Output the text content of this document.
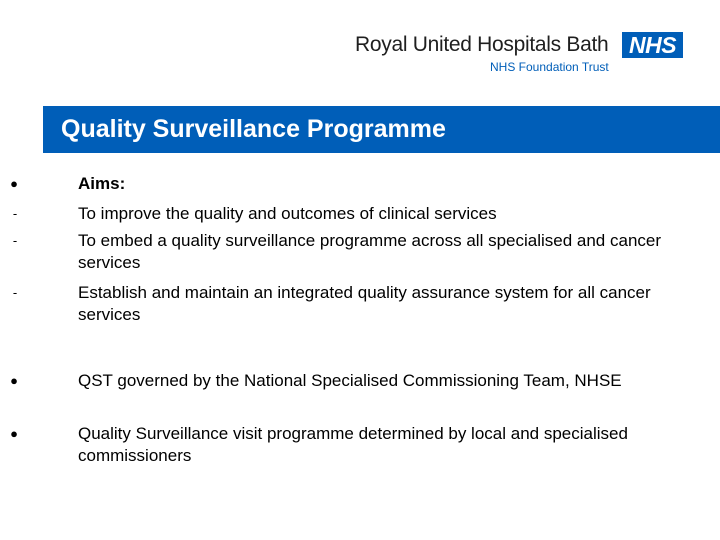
Royal United Hospitals Bath NHS
NHS Foundation Trust
Quality Surveillance Programme
●	Aims:
-	To improve the quality and outcomes of clinical services
-	To embed a quality surveillance programme across all specialised and cancer services
-	Establish and maintain an integrated quality assurance system for all cancer services
●	QST governed by the National Specialised Commissioning Team, NHSE
●	Quality Surveillance visit programme determined by local and specialised commissioners
